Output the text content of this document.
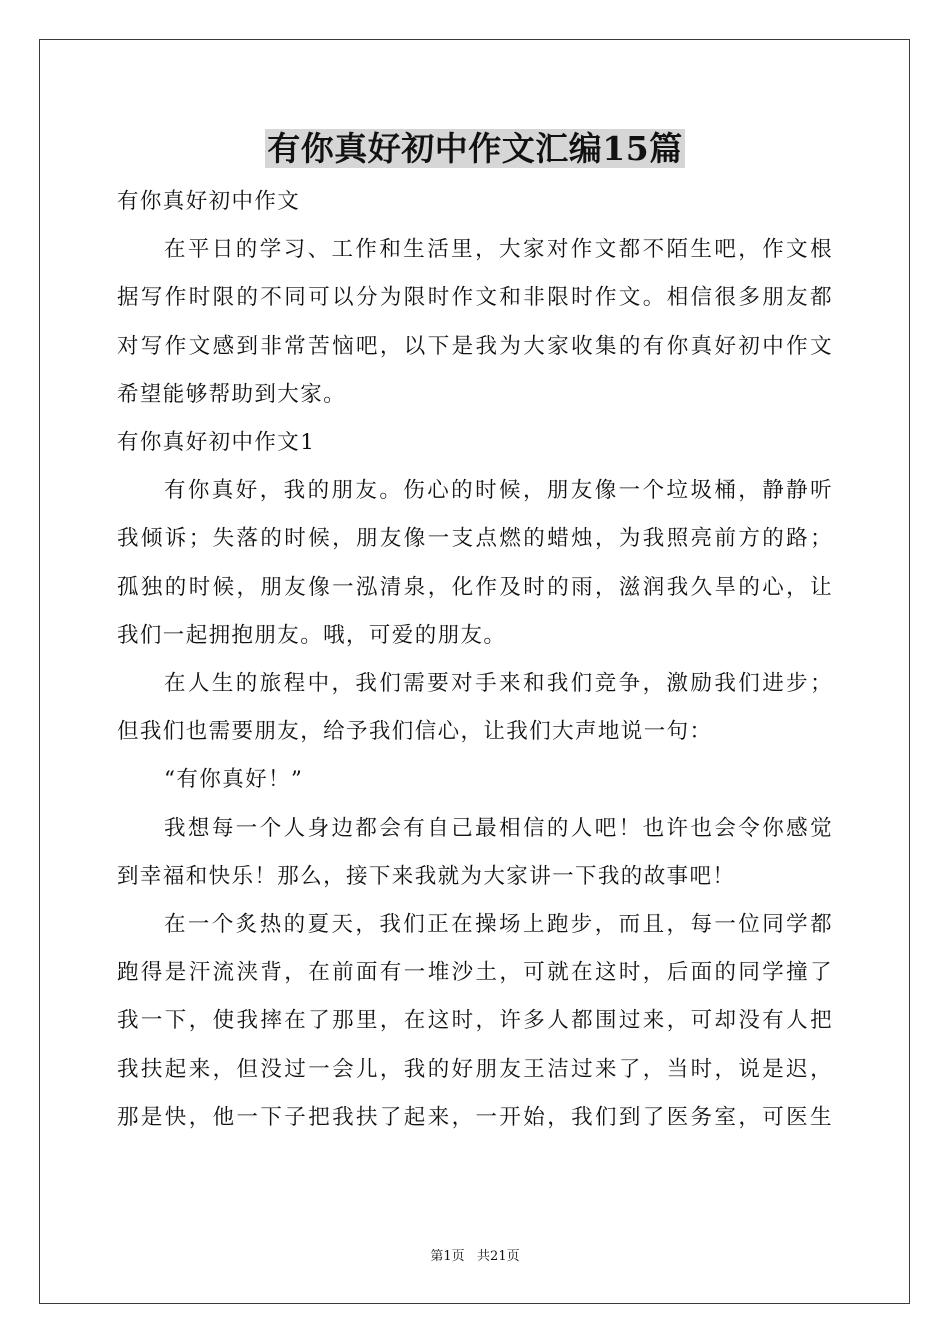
有你真好初中作文汇编15篇
有你真好初中作文
在平日的学习、工作和生活里，大家对作文都不陌生吧，作文根
据写作时限的不同可以分为限时作文和非限时作文。相信很多朋友都
对写作文感到非常苦恼吧，以下是我为大家收集的有你真好初中作文
希望能够帮助到大家。
有你真好初中作文1
有你真好，我的朋友。伤心的时候，朋友像一个垃圾桶，静静听
我倾诉；失落的时候，朋友像一支点燃的蜡烛，为我照亮前方的路；
孤独的时候，朋友像一泓清泉，化作及时的雨，滋润我久旱的心，让
我们一起拥抱朋友。哦，可爱的朋友。
在人生的旅程中，我们需要对手来和我们竞争，激励我们进步；
但我们也需要朋友，给予我们信心，让我们大声地说一句：
“有你真好！”
我想每一个人身边都会有自己最相信的人吧！也许也会令你感觉
到幸福和快乐！那么，接下来我就为大家讲一下我的故事吧！
在一个炙热的夏天，我们正在操场上跑步，而且，每一位同学都
跑得是汗流浃背，在前面有一堆沙土，可就在这时，后面的同学撞了
我一下，使我摔在了那里，在这时，许多人都围过来，可却没有人把
我扶起来，但没过一会儿，我的好朋友王洁过来了，当时，说是迟，
那是快，他一下子把我扶了起来，一开始，我们到了医务室，可医生
第1页   共21页
